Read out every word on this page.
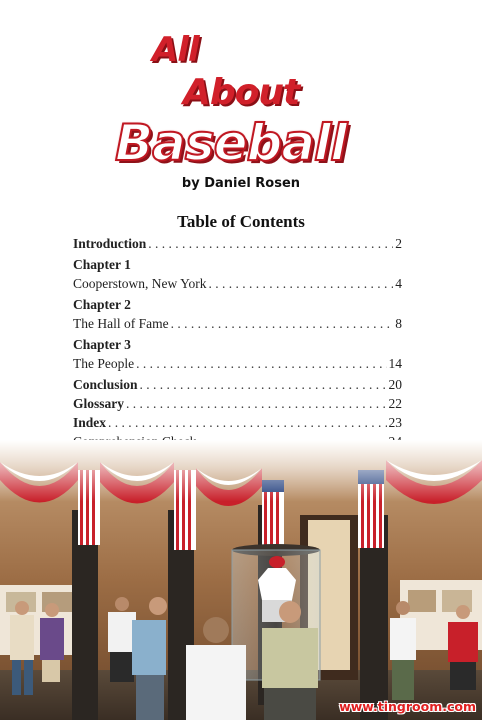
All
About
Baseball
by Daniel Rosen
Table of Contents
Introduction . . .	2
Chapter 1
Cooperstown, New York . . .	4
Chapter 2
The Hall of Fame . . .	8
Chapter 3
The People . . .	14
Conclusion . . .	20
Glossary . . .	22
Index . . .	23
. . .
www.tingroom.com
